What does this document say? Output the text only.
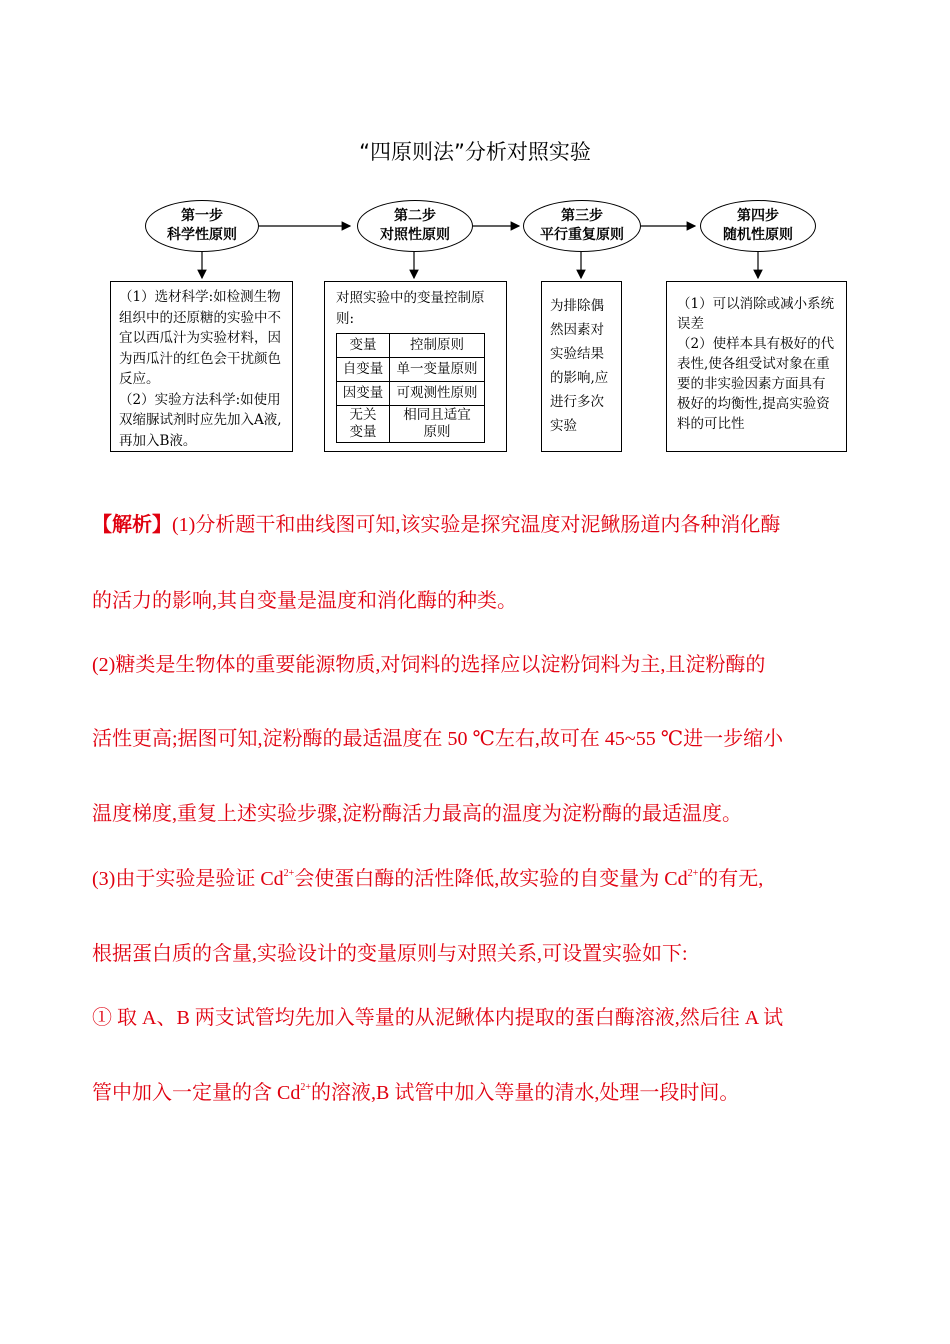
“四原则法”分析对照实验
第一步
科学性原则
第二步
对照性原则
第三步
平行重复原则
第四步
随机性原则

（1）选材科学:如检测生物组织中的还原糖的实验中不宜以西瓜汁为实验材料，因为西瓜汁的红色会干扰颜色反应。

（2）实验方法科学:如使用双缩脲试剂时应先加入A液,再加入B液。

对照实验中的变量控制原则:

变量	控制原则
自变量	单一变量原则
因变量	可观测性原则
无关变量	相同且适宜原则

为排除偶然因素对实验结果的影响,应进行多次实验

（1）可以消除或减小系统误差

（2）使样本具有极好的代表性,使各组受试对象在重要的非实验因素方面具有极好的均衡性,提高实验资料的可比性

【解析】(1)分析题干和曲线图可知,该实验是探究温度对泥鳅肠道内各种消化酶
的活力的影响,其自变量是温度和消化酶的种类。
(2)糖类是生物体的重要能源物质,对饲料的选择应以淀粉饲料为主,且淀粉酶的
活性更高;据图可知,淀粉酶的最适温度在 50 ℃左右,故可在 45~55 ℃进一步缩小
温度梯度,重复上述实验步骤,淀粉酶活力最高的温度为淀粉酶的最适温度。
(3)由于实验是验证 $Cd^{2+}$会使蛋白酶的活性降低,故实验的自变量为 $Cd^{2+}$的有无,
根据蛋白质的含量,实验设计的变量原则与对照关系,可设置实验如下:
① 取 A、B 两支试管均先加入等量的从泥鳅体内提取的蛋白酶溶液,然后往 A 试
管中加入一定量的含 $Cd^{2+}$的溶液,B 试管中加入等量的清水,处理一段时间。
